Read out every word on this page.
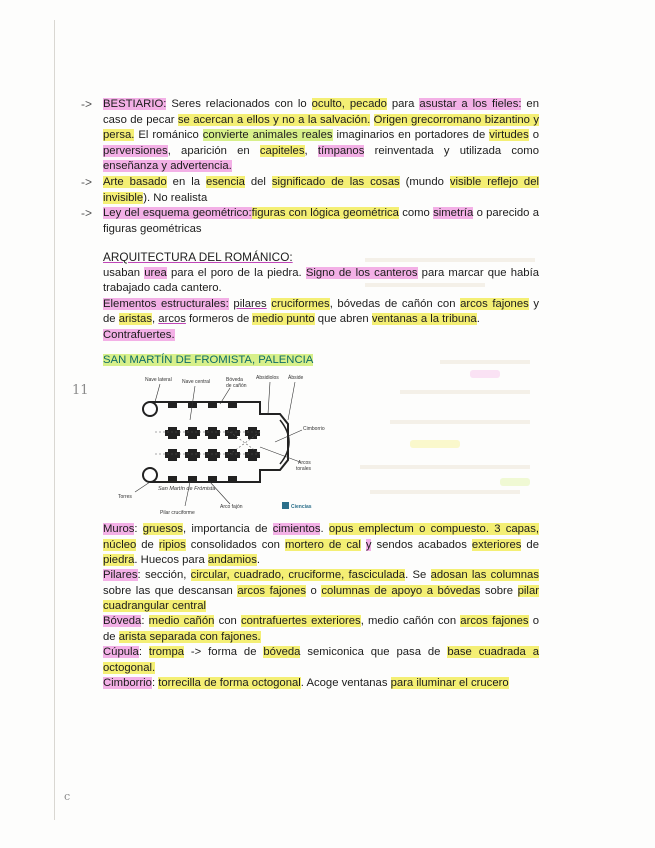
-> BESTIARIO: Seres relacionados con lo oculto, pecado para asustar a los fieles: en caso de pecar se acercan a ellos y no a la salvación. Origen grecorromano bizantino y persa. El románico convierte animales reales imaginarios en portadores de virtudes o perversiones, aparición en capiteles, tímpanos reinventada y utilizada como enseñanza y advertencia.
-> Arte basado en la esencia del significado de las cosas (mundo visible reflejo del invisible). No realista
-> Ley del esquema geométrico:figuras con lógica geométrica como simetría o parecido a figuras geométricas
ARQUITECTURA DEL ROMÁNICO:
usaban urea para el poro de la piedra. Signo de los canteros para marcar que había trabajado cada cantero.
Elementos estructurales: pilares cruciformes, bóvedas de cañón con arcos fajones y de aristas, arcos formeros de medio punto que abren ventanas a la tribuna.
Contrafuertes.
SAN MARTÍN DE FROMISTA, PALENCIA
11
Nave lateral Nave central	Bóveda
de cañón
Absidiolos Ábside
Cimborrio
Arcos
torales
Torres
Pilar cruciforme
Arco fajón
San Martín de Frómista
Ciencias
Muros: gruesos, importancia de cimientos. opus emplectum o compuesto. 3 capas, núcleo de ripios consolidados con mortero de cal y sendos acabados exteriores de piedra. Huecos para andamios.
Pilares: sección, circular, cuadrado, cruciforme, fasciculada. Se adosan las columnas sobre las que descansan arcos fajones o columnas de apoyo a bóvedas sobre pilar cuadrangular central
Bóveda: medio cañón con contrafuertes exteriores, medio cañón con arcos fajones o de arista separada con fajones.
Cúpula: trompa -> forma de bóveda semiconica que pasa de base cuadrada a octogonal.
Cimborrio: torrecilla de forma octogonal. Acoge ventanas para iluminar el crucero
c
